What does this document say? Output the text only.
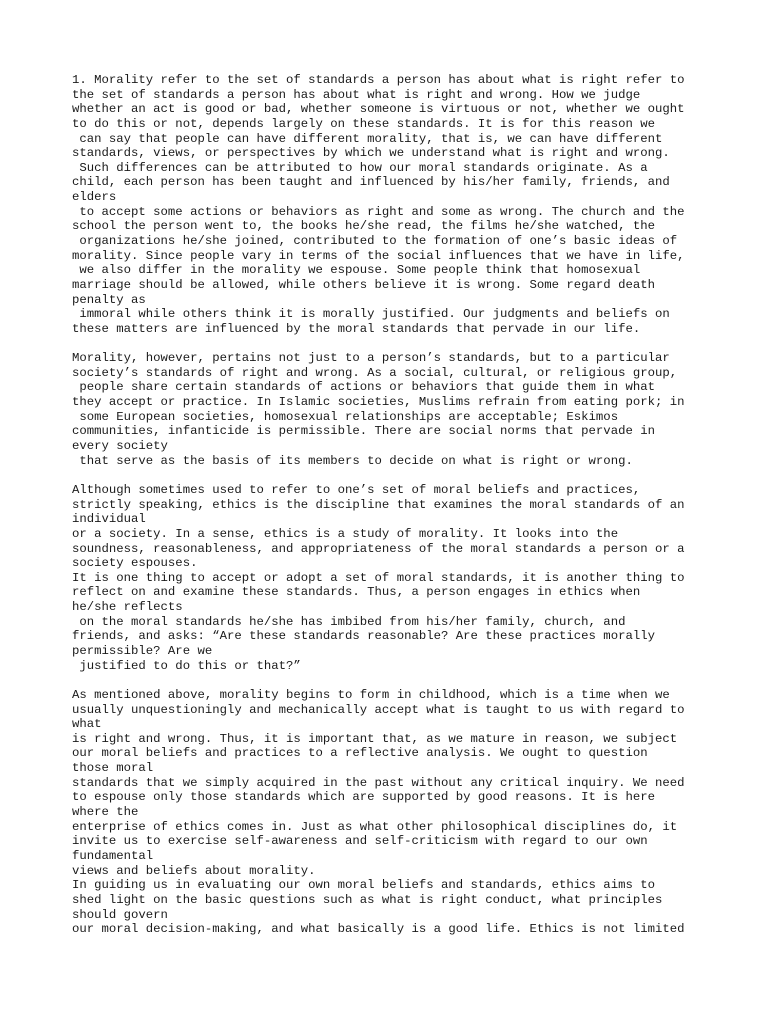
1. Morality refer to the set of standards a person has about what is right refer to
the set of standards a person has about what is right and wrong. How we judge
whether an act is good or bad, whether someone is virtuous or not, whether we ought
to do this or not, depends largely on these standards. It is for this reason we
can say that people can have different morality, that is, we can have different
standards, views, or perspectives by which we understand what is right and wrong.
Such differences can be attributed to how our moral standards originate. As a
child, each person has been taught and influenced by his/her family, friends, and
elders
to accept some actions or behaviors as right and some as wrong. The church and the
school the person went to, the books he/she read, the films he/she watched, the
organizations he/she joined, contributed to the formation of one’s basic ideas of
morality. Since people vary in terms of the social influences that we have in life,
we also differ in the morality we espouse. Some people think that homosexual
marriage should be allowed, while others believe it is wrong. Some regard death
penalty as
immoral while others think it is morally justified. Our judgments and beliefs on
these matters are influenced by the moral standards that pervade in our life.
Morality, however, pertains not just to a person’s standards, but to a particular
society’s standards of right and wrong. As a social, cultural, or religious group,
people share certain standards of actions or behaviors that guide them in what
they accept or practice. In Islamic societies, Muslims refrain from eating pork; in
some European societies, homosexual relationships are acceptable; Eskimos
communities, infanticide is permissible. There are social norms that pervade in
every society
that serve as the basis of its members to decide on what is right or wrong.
Although sometimes used to refer to one’s set of moral beliefs and practices,
strictly speaking, ethics is the discipline that examines the moral standards of an
individual
or a society. In a sense, ethics is a study of morality. It looks into the
soundness, reasonableness, and appropriateness of the moral standards a person or a
society espouses.
It is one thing to accept or adopt a set of moral standards, it is another thing to
reflect on and examine these standards. Thus, a person engages in ethics when
he/she reflects
on the moral standards he/she has imbibed from his/her family, church, and
friends, and asks: “Are these standards reasonable? Are these practices morally
permissible? Are we
justified to do this or that?”
As mentioned above, morality begins to form in childhood, which is a time when we
usually unquestioningly and mechanically accept what is taught to us with regard to
what
is right and wrong. Thus, it is important that, as we mature in reason, we subject
our moral beliefs and practices to a reflective analysis. We ought to question
those moral
standards that we simply acquired in the past without any critical inquiry. We need
to espouse only those standards which are supported by good reasons. It is here
where the
enterprise of ethics comes in. Just as what other philosophical disciplines do, it
invite us to exercise self-awareness and self-criticism with regard to our own
fundamental
views and beliefs about morality.
In guiding us in evaluating our own moral beliefs and standards, ethics aims to
shed light on the basic questions such as what is right conduct, what principles
should govern
our moral decision-making, and what basically is a good life. Ethics is not limited
